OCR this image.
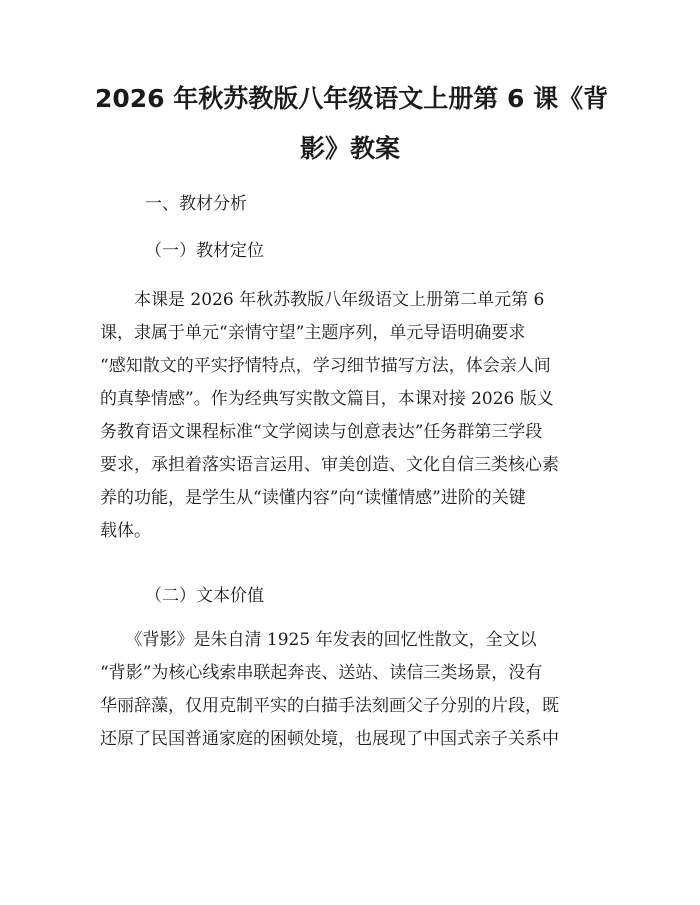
2026 年秋苏教版八年级语文上册第 6 课《背
影》教案

一、教材分析

（一）教材定位

　　本课是 2026 年秋苏教版八年级语文上册第二单元第 6
课，隶属于单元“亲情守望”主题序列，单元导语明确要求
“感知散文的平实抒情特点，学习细节描写方法，体会亲人间
的真挚情感”。作为经典写实散文篇目，本课对接 2026 版义
务教育语文课程标准“文学阅读与创意表达”任务群第三学段
要求，承担着落实语言运用、审美创造、文化自信三类核心素
养的功能，是学生从“读懂内容”向“读懂情感”进阶的关键
载体。

（二）文本价值

　　《背影》是朱自清 1925 年发表的回忆性散文，全文以
“背影”为核心线索串联起奔丧、送站、读信三类场景，没有
华丽辞藻，仅用克制平实的白描手法刻画父子分别的片段，既
还原了民国普通家庭的困顿处境，也展现了中国式亲子关系中
